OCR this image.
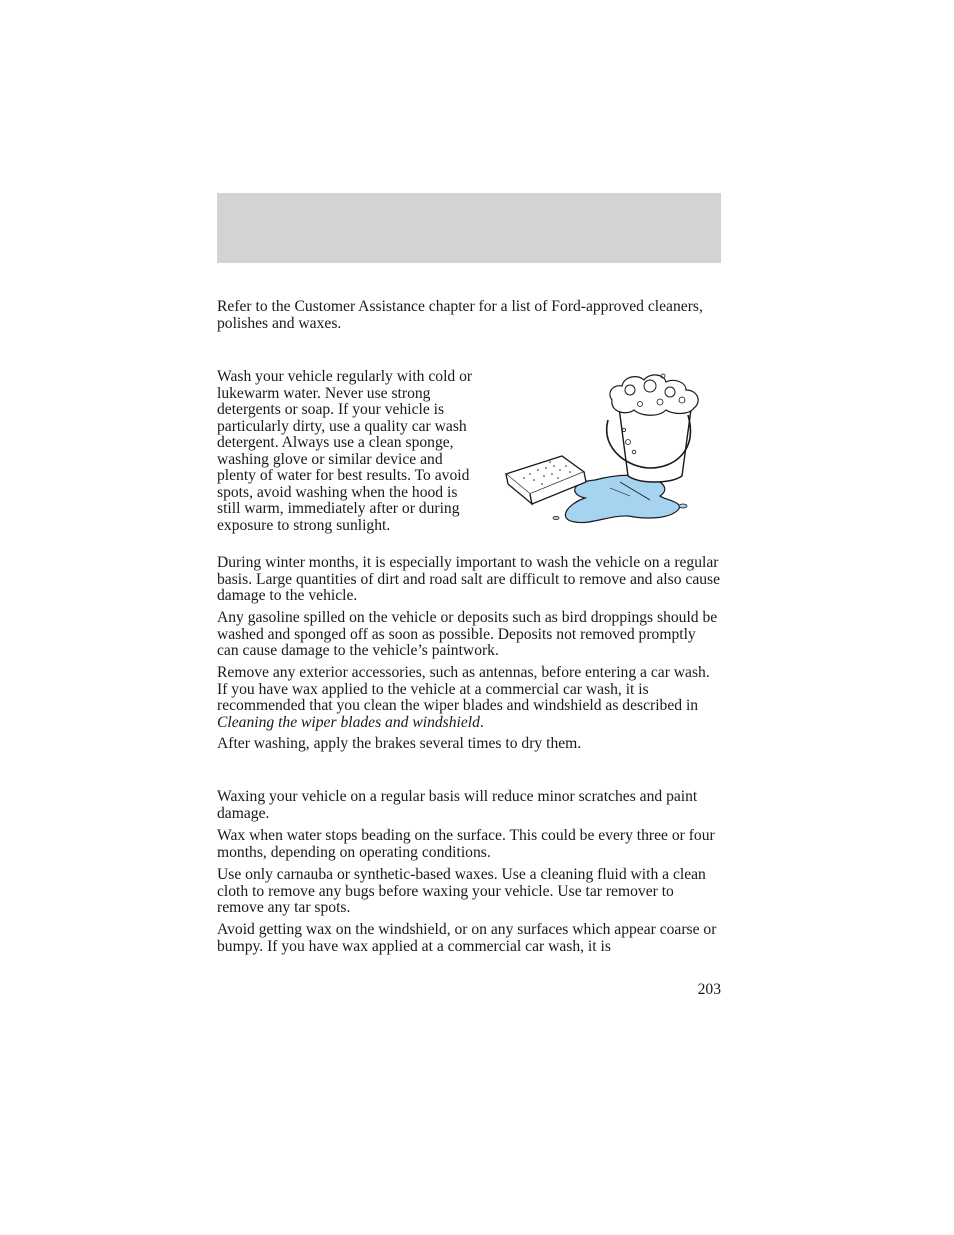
Refer to the Customer Assistance chapter for a list of Ford-approved cleaners, polishes and waxes.

Wash your vehicle regularly with cold or lukewarm water. Never use strong detergents or soap. If your vehicle is particularly dirty, use a quality car wash detergent. Always use a clean sponge, washing glove or similar device and plenty of water for best results. To avoid spots, avoid washing when the hood is still warm, immediately after or during exposure to strong sunlight.

During winter months, it is especially important to wash the vehicle on a regular basis. Large quantities of dirt and road salt are difficult to remove and also cause damage to the vehicle.

Any gasoline spilled on the vehicle or deposits such as bird droppings should be washed and sponged off as soon as possible. Deposits not removed promptly can cause damage to the vehicle’s paintwork.

Remove any exterior accessories, such as antennas, before entering a car wash. If you have wax applied to the vehicle at a commercial car wash, it is recommended that you clean the wiper blades and windshield as described in Cleaning the wiper blades and windshield.

After washing, apply the brakes several times to dry them.

Waxing your vehicle on a regular basis will reduce minor scratches and paint damage.

Wax when water stops beading on the surface. This could be every three or four months, depending on operating conditions.

Use only carnauba or synthetic-based waxes. Use a cleaning fluid with a clean cloth to remove any bugs before waxing your vehicle. Use tar remover to remove any tar spots.

Avoid getting wax on the windshield, or on any surfaces which appear coarse or bumpy. If you have wax applied at a commercial car wash, it is

203
